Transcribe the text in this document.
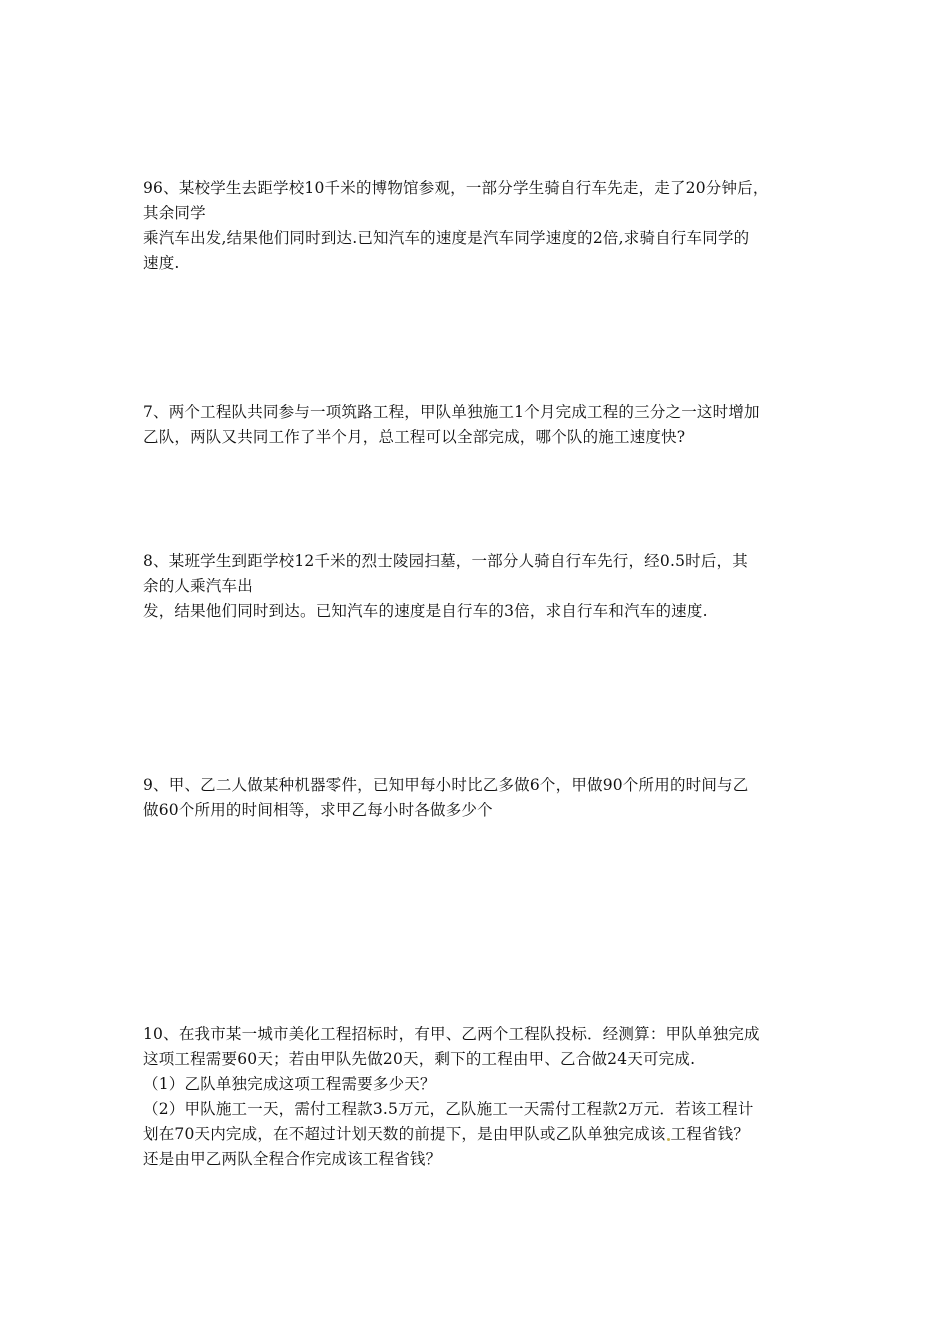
96、某校学生去距学校10千米的博物馆参观，一部分学生骑自行车先走，走了20分钟后，
其余同学
乘汽车出发,结果他们同时到达.已知汽车的速度是汽车同学速度的2倍,求骑自行车同学的
速度.
7、两个工程队共同参与一项筑路工程，甲队单独施工1个月完成工程的三分之一这时增加
乙队，两队又共同工作了半个月，总工程可以全部完成，哪个队的施工速度快?
8、某班学生到距学校12千米的烈士陵园扫墓，一部分人骑自行车先行，经0.5时后，其
余的人乘汽车出
发，结果他们同时到达。已知汽车的速度是自行车的3倍，求自行车和汽车的速度.
9、甲、乙二人做某种机器零件，已知甲每小时比乙多做6个，甲做90个所用的时间与乙
做60个所用的时间相等，求甲乙每小时各做多少个
10、在我市某一城市美化工程招标时，有甲、乙两个工程队投标．经测算：甲队单独完成
这项工程需要60天；若由甲队先做20天，剩下的工程由甲、乙合做24天可完成.
（1）乙队单独完成这项工程需要多少天？
（2）甲队施工一天，需付工程款3.5万元，乙队施工一天需付工程款2万元．若该工程计
划在70天内完成，在不超过计划天数的前提下，是由甲队或乙队单独完成该 工程省钱？
还是由甲乙两队全程合作完成该工程省钱？
